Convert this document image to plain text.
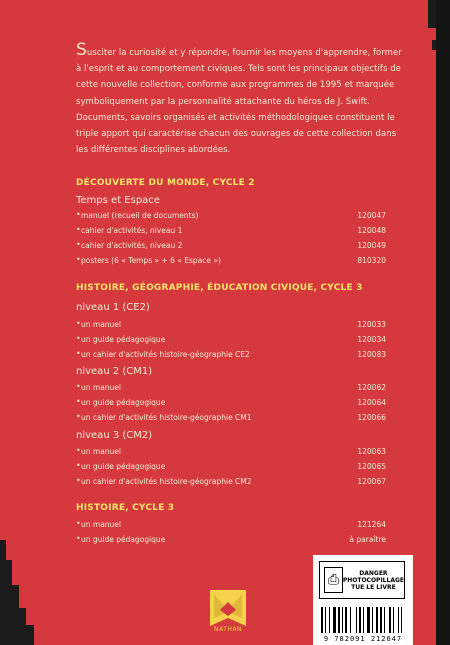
Susciter la curiosité et y répondre, fournir les moyens d'apprendre, former à l'esprit et au comportement civiques. Tels sont les principaux objectifs de cette nouvelle collection, conforme aux programmes de 1995 et marquée symboliquement par la personnalité attachante du héros de J. Swift. Documents, savoirs organisés et activités méthodologiques constituent le triple apport qui caractérise chacun des ouvrages de cette collection dans les différentes disciplines abordées.
DÉCOUVERTE DU MONDE, CYCLE 2
Temps et Espace
• manuel (recueil de documents)	120047
• cahier d'activités, niveau 1	120048
• cahier d'activités, niveau 2	120049
• posters (6 « Temps » + 6 « Espace »)	810320
HISTOIRE, GÉOGRAPHIE, ÉDUCATION CIVIQUE, CYCLE 3
niveau 1 (CE2)
• un manuel	120033
• un guide pédagogique	120034
• un cahier d'activités histoire-géographie CE2	120083
niveau 2 (CM1)
• un manuel	120062
• un guide pédagogique	120064
• un cahier d'activités histoire-géographie CM1	120066
niveau 3 (CM2)
• un manuel	120063
• un guide pédagogique	120065
• un cahier d'activités histoire-géographie CM2	120067
HISTOIRE, CYCLE 3
• un manuel	121264
• un guide pédagogique	à paraître
NATHAN
⎙	DANGER
PHOTOCOPILLAGE
TUE LE LIVRE
9 782091 212647
